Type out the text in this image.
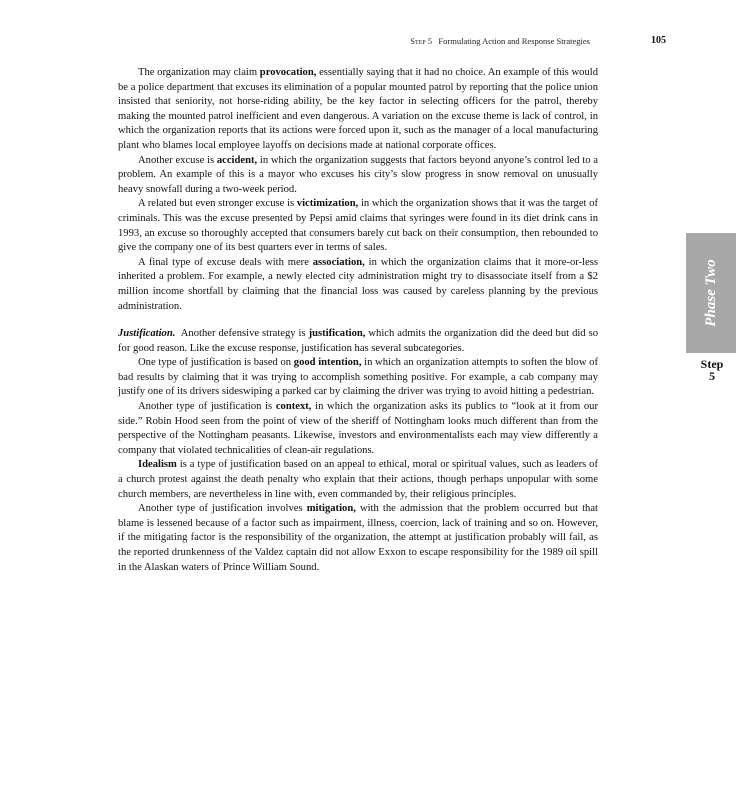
Step 5 Formulating Action and Response Strategies	105

The organization may claim provocation, essentially saying that it had no choice. An example of this would be a police department that excuses its elimination of a popular mounted patrol by reporting that the police union insisted that seniority, not horse-riding ability, be the key factor in selecting officers for the patrol, thereby making the mounted patrol inefficient and even dangerous. A variation on the excuse theme is lack of control, in which the organization reports that its actions were forced upon it, such as the manager of a local manufacturing plant who blames local employee layoffs on decisions made at national corporate offices.

Another excuse is accident, in which the organization suggests that factors beyond anyone’s control led to a problem. An example of this is a mayor who excuses his city’s slow progress in snow removal on unusually heavy snowfall during a two-week period.

A related but even stronger excuse is victimization, in which the organization shows that it was the target of criminals. This was the excuse presented by Pepsi amid claims that syringes were found in its diet drink cans in 1993, an excuse so thoroughly accepted that consumers barely cut back on their consumption, then rebounded to give the company one of its best quarters ever in terms of sales.

A final type of excuse deals with mere association, in which the organization claims that it more-or-less inherited a problem. For example, a newly elected city administration might try to disassociate itself from a $2 million income shortfall by claiming that the financial loss was caused by careless planning by the previous administration.

Justification.  Another defensive strategy is justification, which admits the organization did the deed but did so for good reason. Like the excuse response, justification has several subcategories.

One type of justification is based on good intention, in which an organization attempts to soften the blow of bad results by claiming that it was trying to accomplish something positive. For example, a cab company may justify one of its drivers sideswiping a parked car by claiming the driver was trying to avoid hitting a pedestrian.

Another type of justification is context, in which the organization asks its publics to “look at it from our side.” Robin Hood seen from the point of view of the sheriff of Nottingham looks much different than from the perspective of the Nottingham peasants. Likewise, investors and environmentalists each may view differently a company that violated technicalities of clean-air regulations.

Idealism is a type of justification based on an appeal to ethical, moral or spiritual values, such as leaders of a church protest against the death penalty who explain that their actions, though perhaps unpopular with some church members, are nevertheless in line with, even commanded by, their religious principles.

Another type of justification involves mitigation, with the admission that the problem occurred but that blame is lessened because of a factor such as impairment, illness, coercion, lack of training and so on. However, if the mitigating factor is the responsibility of the organization, the attempt at justification probably will fail, as the reported drunkenness of the Valdez captain did not allow Exxon to escape responsibility for the 1989 oil spill in the Alaskan waters of Prince William Sound.

Phase Two
Step
5
